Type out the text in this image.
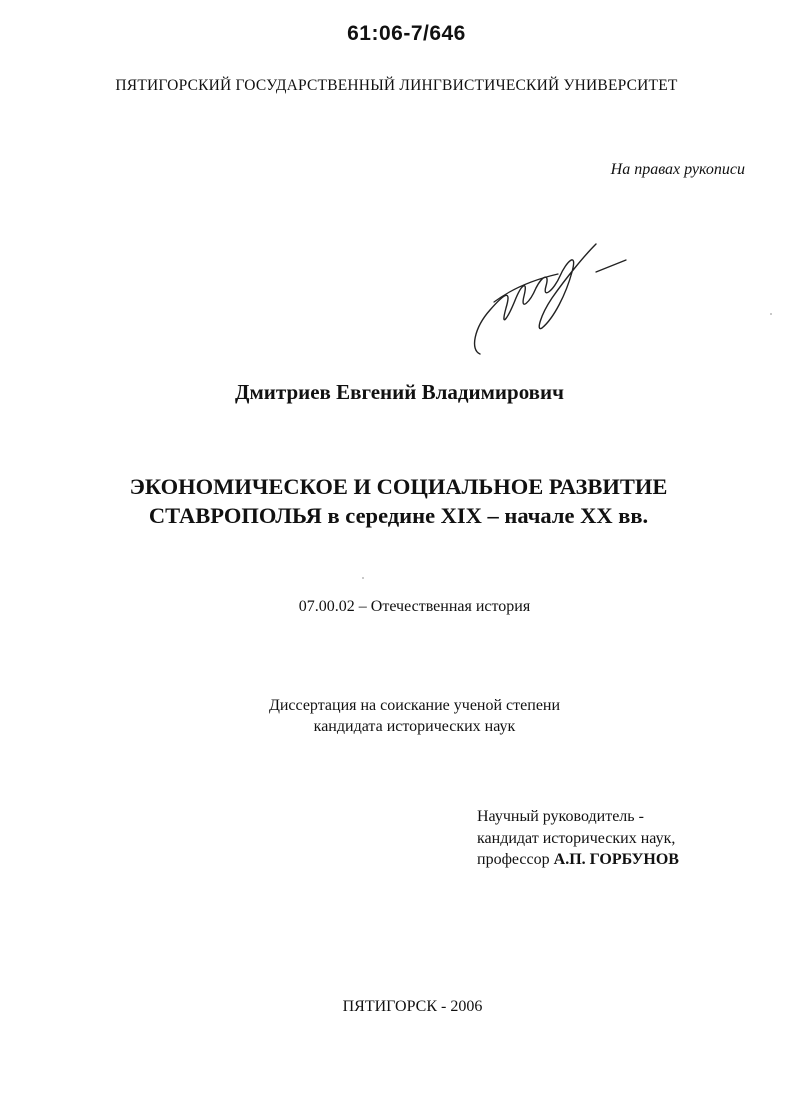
61:06-7/646
ПЯТИГОРСКИЙ ГОСУДАРСТВЕННЫЙ ЛИНГВИСТИЧЕСКИЙ УНИВЕРСИТЕТ
На правах рукописи
Дмитриев Евгений Владимирович
ЭКОНОМИЧЕСКОЕ И СОЦИАЛЬНОЕ РАЗВИТИЕ
СТАВРОПОЛЬЯ в середине XIX – начале XX вв.
07.00.02 – Отечественная история
Диссертация на соискание ученой степени
кандидата исторических наук
Научный руководитель -
кандидат исторических наук,
профессор А.П. ГОРБУНОВ
ПЯТИГОРСК - 2006
